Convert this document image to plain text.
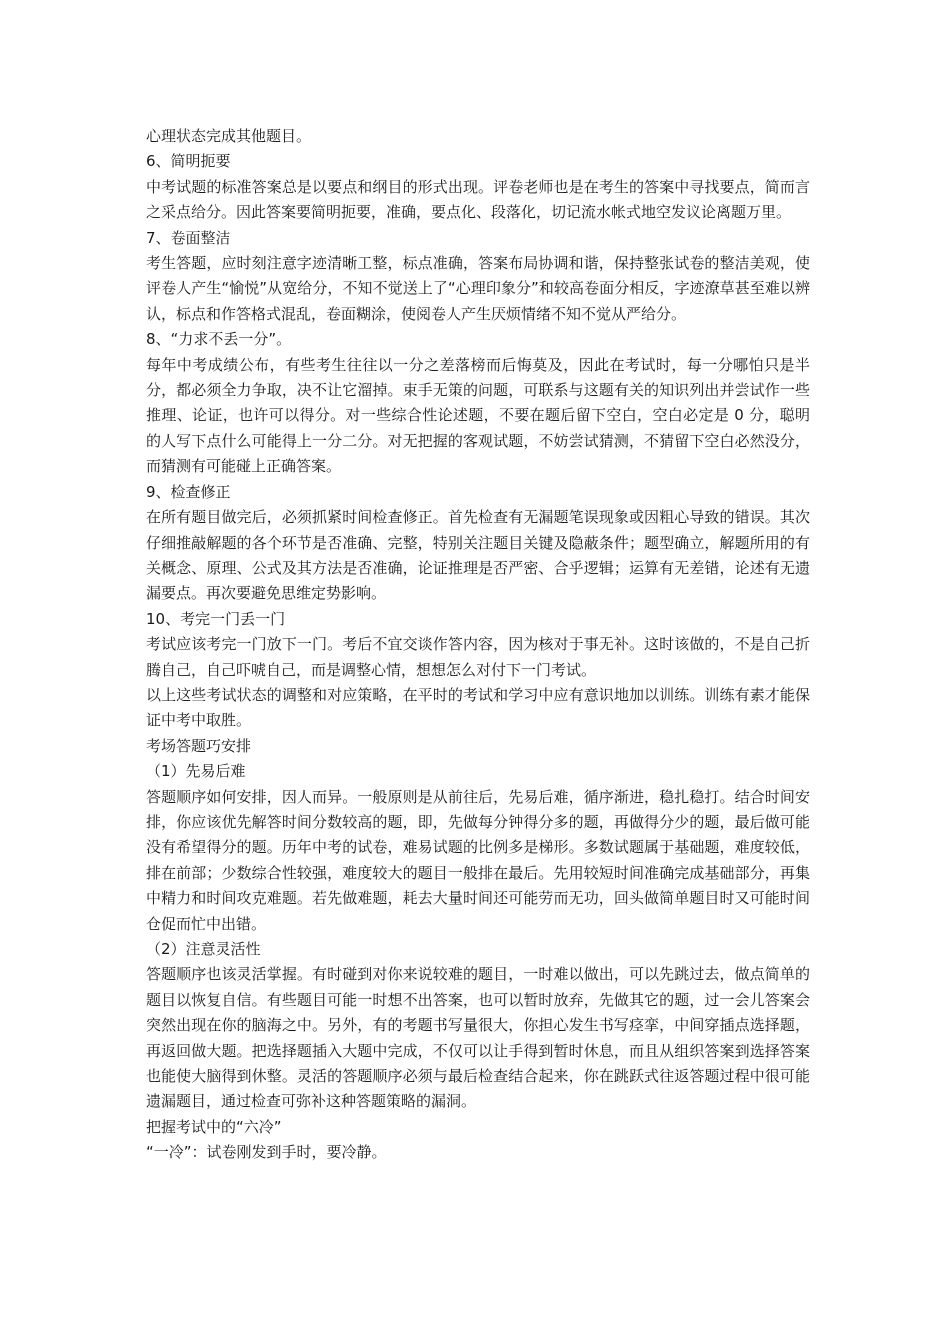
心理状态完成其他题目。

6、简明扼要

中考试题的标准答案总是以要点和纲目的形式出现。评卷老师也是在考生的答案中寻找要点，简而言之采点给分。因此答案要简明扼要，准确，要点化、段落化，切记流水帐式地空发议论离题万里。

7、卷面整洁

考生答题，应时刻注意字迹清晰工整，标点准确，答案布局协调和谐，保持整张试卷的整洁美观，使评卷人产生“愉悦”从宽给分，不知不觉送上了“心理印象分”和较高卷面分相反，字迹潦草甚至难以辨认，标点和作答格式混乱，卷面糊涂，使阅卷人产生厌烦情绪不知不觉从严给分。

8、“力求不丢一分”。

每年中考成绩公布，有些考生往往以一分之差落榜而后悔莫及，因此在考试时，每一分哪怕只是半分，都必须全力争取，决不让它溜掉。束手无策的问题，可联系与这题有关的知识列出并尝试作一些推理、论证，也许可以得分。对一些综合性论述题，不要在题后留下空白，空白必定是 0 分，聪明的人写下点什么可能得上一分二分。对无把握的客观试题，不妨尝试猜测，不猜留下空白必然没分，而猜测有可能碰上正确答案。

9、检查修正

在所有题目做完后，必须抓紧时间检查修正。首先检查有无漏题笔误现象或因粗心导致的错误。其次仔细推敲解题的各个环节是否准确、完整，特别关注题目关键及隐蔽条件；题型确立，解题所用的有关概念、原理、公式及其方法是否准确，论证推理是否严密、合乎逻辑；运算有无差错，论述有无遗漏要点。再次要避免思维定势影响。

10、考完一门丢一门

考试应该考完一门放下一门。考后不宜交谈作答内容，因为核对于事无补。这时该做的，不是自己折腾自己，自己吓唬自己，而是调整心情，想想怎么对付下一门考试。

以上这些考试状态的调整和对应策略，在平时的考试和学习中应有意识地加以训练。训练有素才能保证中考中取胜。

考场答题巧安排

（1）先易后难

答题顺序如何安排，因人而异。一般原则是从前往后，先易后难，循序渐进，稳扎稳打。结合时间安排，你应该优先解答时间分数较高的题，即，先做每分钟得分多的题，再做得分少的题，最后做可能没有希望得分的题。历年中考的试卷，难易试题的比例多是梯形。多数试题属于基础题，难度较低，排在前部；少数综合性较强，难度较大的题目一般排在最后。先用较短时间准确完成基础部分，再集中精力和时间攻克难题。若先做难题，耗去大量时间还可能劳而无功，回头做简单题目时又可能时间仓促而忙中出错。

（2）注意灵活性

答题顺序也该灵活掌握。有时碰到对你来说较难的题目，一时难以做出，可以先跳过去，做点简单的题目以恢复自信。有些题目可能一时想不出答案，也可以暂时放弃，先做其它的题，过一会儿答案会突然出现在你的脑海之中。另外，有的考题书写量很大，你担心发生书写痉挛，中间穿插点选择题，再返回做大题。把选择题插入大题中完成，不仅可以让手得到暂时休息，而且从组织答案到选择答案也能使大脑得到休整。灵活的答题顺序必须与最后检查结合起来，你在跳跃式往返答题过程中很可能遗漏题目，通过检查可弥补这种答题策略的漏洞。

把握考试中的“六冷”

“一冷”：试卷刚发到手时，要冷静。
